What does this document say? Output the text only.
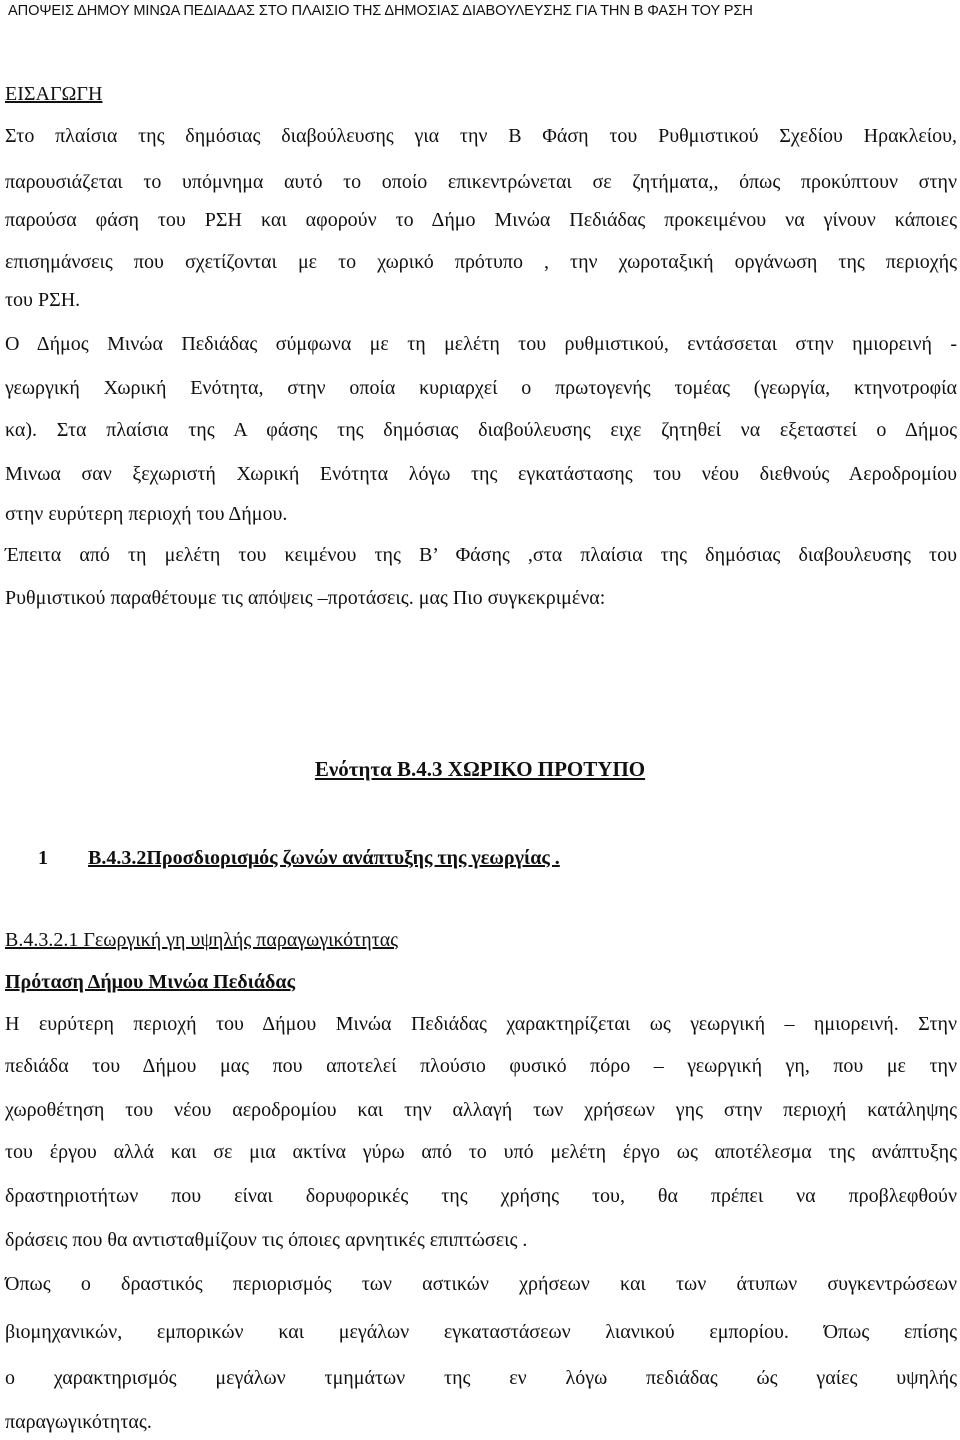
ΑΠΟΨΕΙΣ ΔΗΜΟΥ ΜΙΝΩΑ ΠΕΔΙΑΔΑΣ ΣΤΟ ΠΛΑΙΣΙΟ ΤΗΣ ΔΗΜΟΣΙΑΣ ΔΙΑΒΟΥΛΕΥΣΗΣ ΓΙΑ ΤΗΝ Β ΦΑΣΗ ΤΟΥ ΡΣΗ
ΕΙΣΑΓΩΓΗ
Στο πλαίσια της δημόσιας διαβούλευσης για την Β Φάση του Ρυθμιστικού Σχεδίου Ηρακλείου,
παρουσιάζεται το υπόμνημα αυτό το οποίο επικεντρώνεται σε ζητήματα,, όπως προκύπτουν στην
παρούσα φάση του ΡΣΗ και αφορούν το Δήμο Μινώα Πεδιάδας προκειμένου να γίνουν κάποιες
επισημάνσεις που σχετίζονται με το χωρικό πρότυπο , την χωροταξική οργάνωση της περιοχής
του ΡΣΗ.
Ο Δήμος Μινώα Πεδιάδας σύμφωνα με τη μελέτη του ρυθμιστικού, εντάσσεται στην ημιορεινή -
γεωργική Χωρική Ενότητα, στην οποία κυριαρχεί ο πρωτογενής τομέας (γεωργία, κτηνοτροφία
κα). Στα πλαίσια της Α φάσης της δημόσιας διαβούλευσης ειχε ζητηθεί να εξεταστεί ο Δήμος
Μινωα σαν ξεχωριστή Χωρική Ενότητα λόγω της εγκατάστασης του νέου διεθνούς Αεροδρομίου
στην ευρύτερη περιοχή του Δήμου.
Έπειτα από τη μελέτη του κειμένου της Β’ Φάσης ,στα πλαίσια της δημόσιας διαβουλευσης του
Ρυθμιστικού παραθέτουμε τις απόψεις –προτάσεις. μας Πιο συγκεκριμένα:
Ενότητα Β.4.3 ΧΩΡΙΚΟ ΠΡΟΤΥΠΟ
1 Β.4.3.2Προσδιορισμός ζωνών ανάπτυξης της γεωργίας .
Β.4.3.2.1 Γεωργική γη υψηλής παραγωγικότητας
Πρόταση Δήμου Μινώα Πεδιάδας
Η ευρύτερη περιοχή του Δήμου Μινώα Πεδιάδας χαρακτηρίζεται ως γεωργική – ημιορεινή. Στην
πεδιάδα του Δήμου μας που αποτελεί πλούσιο φυσικό πόρο – γεωργική γη, που με την
χωροθέτηση του νέου αεροδρομίου και την αλλαγή των χρήσεων γης στην περιοχή κατάληψης
του έργου αλλά και σε μια ακτίνα γύρω από το υπό μελέτη έργο ως αποτέλεσμα της ανάπτυξης
δραστηριοτήτων που είναι δορυφορικές της χρήσης του, θα πρέπει να προβλεφθούν
δράσεις που θα αντισταθμίζουν τις όποιες αρνητικές επιπτώσεις .
Όπως ο δραστικός περιορισμός των αστικών χρήσεων και των άτυπων συγκεντρώσεων
βιομηχανικών, εμπορικών και μεγάλων εγκαταστάσεων λιανικού εμπορίου. Όπως επίσης
ο χαρακτηρισμός μεγάλων τμημάτων της εν λόγω πεδιάδας ώς γαίες υψηλής
παραγωγικότητας.
